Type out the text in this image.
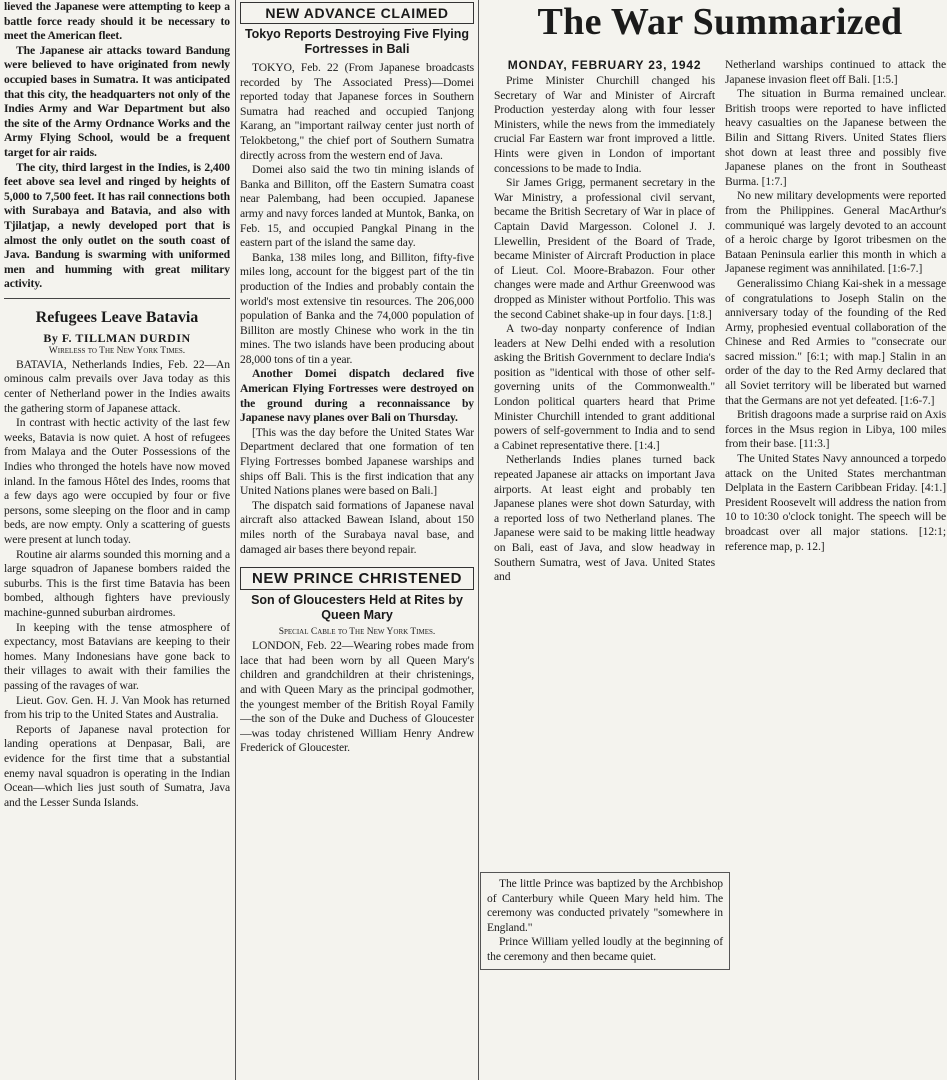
lieved the Japanese were attempting to keep a battle force ready should it be necessary to meet the American fleet.

The Japanese air attacks toward Bandung were believed to have originated from newly occupied bases in Sumatra. It was anticipated that this city, the headquarters not only of the Indies Army and War Department but also the site of the Army Ordnance Works and the Army Flying School, would be a frequent target for air raids.

The city, third largest in the Indies, is 2,400 feet above sea level and ringed by heights of 5,000 to 7,500 feet. It has rail connections both with Surabaya and Batavia, and also with Tjilatjap, a newly developed port that is almost the only outlet on the south coast of Java. Bandung is swarming with uniformed men and humming with great military activity.

Refugees Leave Batavia
By F. TILLMAN DURDIN
Wireless to The New York Times.

BATAVIA, Netherlands Indies, Feb. 22—An ominous calm prevails over Java today as this center of Netherland power in the Indies awaits the gathering storm of Japanese attack.

In contrast with hectic activity of the last few weeks, Batavia is now quiet. A host of refugees from Malaya and the Outer Possessions of the Indies who thronged the hotels have now moved inland. In the famous Hôtel des Indes, rooms that a few days ago were occupied by four or five persons, some sleeping on the floor and in camp beds, are now empty. Only a scattering of guests were present at lunch today.

Routine air alarms sounded this morning and a large squadron of Japanese bombers raided the suburbs. This is the first time Batavia has been bombed, although fighters have previously machine-gunned suburban airdromes.

In keeping with the tense atmosphere of expectancy, most Batavians are keeping to their homes. Many Indonesians have gone back to their villages to await with their families the passing of the ravages of war.

Lieut. Gov. Gen. H. J. Van Mook has returned from his trip to the United States and Australia.

Reports of Japanese naval protection for landing operations at Denpasar, Bali, are evidence for the first time that a substantial enemy naval squadron is operating in the Indian Ocean—which lies just south of Sumatra, Java and the Lesser Sunda Islands.

NEW ADVANCE CLAIMED
Tokyo Reports Destroying Five Flying Fortresses in Bali

TOKYO, Feb. 22 (From Japanese broadcasts recorded by The Associated Press)—Domei reported today that Japanese forces in Southern Sumatra had reached and occupied Tanjong Karang, an "important railway center just north of Telokbetong," the chief port of Southern Sumatra directly across from the western end of Java.

Domei also said the two tin mining islands of Banka and Billiton, off the Eastern Sumatra coast near Palembang, had been occupied. Japanese army and navy forces landed at Muntok, Banka, on Feb. 15, and occupied Pangkal Pinang in the eastern part of the island the same day.

Banka, 138 miles long, and Billiton, fifty-five miles long, account for the biggest part of the tin production of the Indies and probably contain the world's most extensive tin resources. The 206,000 population of Banka and the 74,000 population of Billiton are mostly Chinese who work in the tin mines. The two islands have been producing about 28,000 tons of tin a year.

Another Domei dispatch declared five American Flying Fortresses were destroyed on the ground during a reconnaissance by Japanese navy planes over Bali on Thursday.

[This was the day before the United States War Department declared that one formation of ten Flying Fortresses bombed Japanese warships and ships off Bali. This is the first indication that any United Nations planes were based on Bali.]

The dispatch said formations of Japanese naval aircraft also attacked Bawean Island, about 150 miles north of the Surabaya naval base, and damaged air bases there beyond repair.

NEW PRINCE CHRISTENED
Son of Gloucesters Held at Rites by Queen Mary
Special Cable to The New York Times.

LONDON, Feb. 22—Wearing robes made from lace that had been worn by all Queen Mary's children and grandchildren at their christenings, and with Queen Mary as the principal godmother, the youngest member of the British Royal Family—the son of the Duke and Duchess of Gloucester—was today christened William Henry Andrew Frederick of Gloucester.

The War Summarized
MONDAY, FEBRUARY 23, 1942

Prime Minister Churchill changed his Secretary of War and Minister of Aircraft Production yesterday along with four lesser Ministers, while the news from the immediately crucial Far Eastern war front improved a little. Hints were given in London of important concessions to be made to India.

Sir James Grigg, permanent secretary in the War Ministry, a professional civil servant, became the British Secretary of War in place of Captain David Margesson. Colonel J. J. Llewellin, President of the Board of Trade, became Minister of Aircraft Production in place of Lieut. Col. Moore-Brabazon. Four other changes were made and Arthur Greenwood was dropped as Minister without Portfolio. This was the second Cabinet shake-up in four days. [1:8.]

A two-day nonparty conference of Indian leaders at New Delhi ended with a resolution asking the British Government to declare India's position as "identical with those of other self-governing units of the Commonwealth." London political quarters heard that Prime Minister Churchill intended to grant additional powers of self-government to India and to send a Cabinet representative there. [1:4.]

Netherlands Indies planes turned back repeated Japanese air attacks on important Java airports. At least eight and probably ten Japanese planes were shot down Saturday, with a reported loss of two Netherland planes. The Japanese were said to be making little headway on Bali, east of Java, and slow headway in Southern Sumatra, west of Java. United States and

Netherland warships continued to attack the Japanese invasion fleet off Bali. [1:5.]

The situation in Burma remained unclear. British troops were reported to have inflicted heavy casualties on the Japanese between the Bilin and Sittang Rivers. United States fliers shot down at least three and possibly five Japanese planes on the front in Southeast Burma. [1:7.]

No new military developments were reported from the Philippines. General MacArthur's communiqué was largely devoted to an account of a heroic charge by Igorot tribesmen on the Bataan Peninsula earlier this month in which a Japanese regiment was annihilated. [1:6-7.]

Generalissimo Chiang Kai-shek in a message of congratulations to Joseph Stalin on the anniversary today of the founding of the Red Army, prophesied eventual collaboration of the Chinese and Red Armies to "consecrate our sacred mission." [6:1; with map.] Stalin in an order of the day to the Red Army declared that all Soviet territory will be liberated but warned that the Germans are not yet defeated. [1:6-7.]

British dragoons made a surprise raid on Axis forces in the Msus region in Libya, 100 miles from their base. [11:3.]

The United States Navy announced a torpedo attack on the United States merchantman Delplata in the Eastern Caribbean Friday. [4:1.] President Roosevelt will address the nation from 10 to 10:30 o'clock tonight. The speech will be broadcast over all major stations. [12:1; reference map, p. 12.]

The little Prince was baptized by the Archbishop of Canterbury while Queen Mary held him. The ceremony was conducted privately "somewhere in England."

Prince William yelled loudly at the beginning of the ceremony and then became quiet.
